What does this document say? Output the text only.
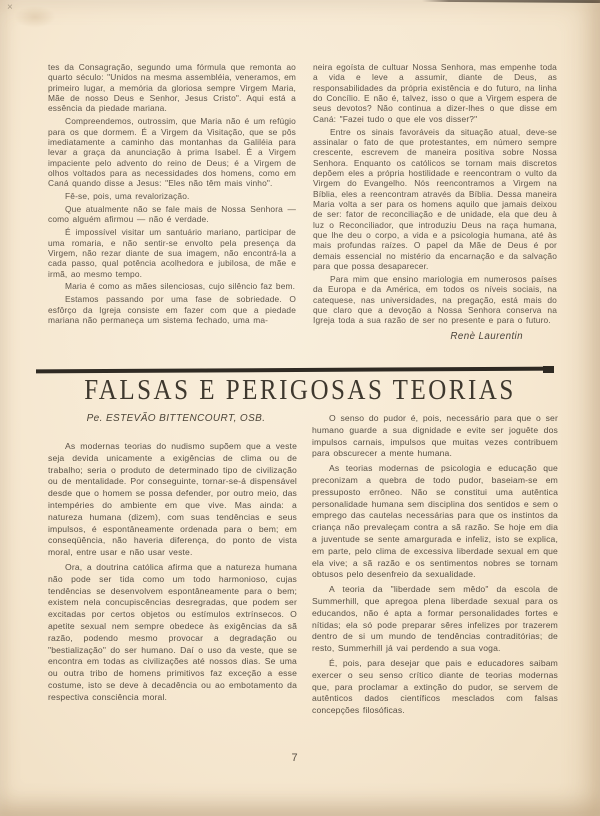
×

tes da Consagração, segundo uma fórmula que remonta ao quarto século: "Unidos na mesma assembléia, veneramos, em primeiro lugar, a memória da gloriosa sempre Virgem Maria, Mãe de nosso Deus e Senhor, Jesus Cristo". Aqui está a essência da piedade mariana.

Compreendemos, outrossim, que Maria não é um refúgio para os que dormem. É a Virgem da Visitação, que se pôs imediatamente a caminho das montanhas da Galiléia para levar a graça da anunciação à prima Isabel. É a Virgem impaciente pelo advento do reino de Deus; é a Virgem de olhos voltados para as necessidades dos homens, como em Caná quando disse a Jesus: "Eles não têm mais vinho".

Fê-se, pois, uma revalorização.

Que atualmente não se fale mais de Nossa Senhora — como alguém afirmou — não é verdade.

É impossível visitar um santuário mariano, participar de uma romaria, e não sentir-se envolto pela presença da Virgem, não rezar diante de sua imagem, não encontrá-la a cada passo, qual potência acolhedora e jubilosa, de mãe e irmã, ao mesmo tempo.

Maria é como as mães silenciosas, cujo silêncio faz bem.

Estamos passando por uma fase de sobriedade. O esfôrço da Igreja consiste em fazer com que a piedade mariana não permaneça um sistema fechado, uma ma-

neira egoísta de cultuar Nossa Senhora, mas empenhe toda a vida e leve a assumir, diante de Deus, as responsabilidades da própria existência e do futuro, na linha do Concílio. E não é, talvez, isso o que a Virgem espera de seus devotos? Não continua a dizer-lhes o que disse em Caná: "Fazei tudo o que ele vos disser?"

Entre os sinais favoráveis da situação atual, deve-se assinalar o fato de que protestantes, em número sempre crescente, escrevem de maneira positiva sobre Nossa Senhora. Enquanto os católicos se tornam mais discretos depõem eles a própria hostilidade e reencontram o vulto da Virgem do Evangelho. Nós reencontramos a Virgem na Bíblia, eles a reencontram através da Bíblia. Dessa maneira Maria volta a ser para os homens aquilo que jamais deixou de ser: fator de reconciliação e de unidade, ela que deu à luz o Reconciliador, que introduziu Deus na raça humana, que lhe deu o corpo, a vida e a psicologia humana, até às mais profundas raízes. O papel da Mãe de Deus é por demais essencial no mistério da encarnação e da salvação para que possa desaparecer.

Para mim que ensino mariologia em numerosos países da Europa e da América, em todos os níveis sociais, na catequese, nas universidades, na pregação, está mais do que claro que a devoção a Nossa Senhora conserva na Igreja toda a sua razão de ser no presente e para o futuro.

Renè Laurentin
FALSAS E PERIGOSAS TEORIAS
Pe. ESTEVÃO BITTENCOURT, OSB.

As modernas teorias do nudismo supõem que a veste seja devida unicamente a exigências de clima ou de trabalho; seria o produto de determinado tipo de civilização ou de mentalidade. Por conseguinte, tornar-se-á dispensável desde que o homem se possa defender, por outro meio, das intempéries do ambiente em que vive. Mas ainda: a natureza humana (dizem), com suas tendências e seus impulsos, é espontâneamente ordenada para o bem; em conseqüência, não haveria diferença, do ponto de vista moral, entre usar e não usar veste.

Ora, a doutrina católica afirma que a natureza humana não pode ser tida como um todo harmonioso, cujas tendências se desenvolvem espontâneamente para o bem; existem nela concupiscências desregradas, que podem ser excitadas por certos objetos ou estímulos extrínsecos. O apetite sexual nem sempre obedece às exigências da sã razão, podendo mesmo provocar a degradação ou "bestialização" do ser humano. Daí o uso da veste, que se encontra em todas as civilizações até nossos dias. Se uma ou outra tribo de homens primitivos faz exceção a esse costume, isto se deve à decadência ou ao embotamento da respectiva consciência moral.

O senso do pudor é, pois, necessário para que o ser humano guarde a sua dignidade e evite ser joguête dos impulsos carnais, impulsos que muitas vezes contribuem para obscurecer a mente humana.

As teorias modernas de psicologia e educação que preconizam a quebra de todo pudor, baseiam-se em pressuposto errôneo. Não se constitui uma autêntica personalidade humana sem disciplina dos sentidos e sem o emprego das cautelas necessárias para que os instintos da criança não prevaleçam contra a sã razão. Se hoje em dia a juventude se sente amargurada e infeliz, isto se explica, em parte, pelo clima de excessiva liberdade sexual em que ela vive; a sã razão e os sentimentos nobres se tornam obtusos pelo desenfreio da sexualidade.

A teoria da "liberdade sem mêdo" da escola de Summerhill, que apregoa plena liberdade sexual para os educandos, não é apta a formar personalidades fortes e nítidas; ela só pode preparar sêres infelizes por trazerem dentro de si um mundo de tendências contraditórias; de resto, Summerhill já vai perdendo a sua voga.

É, pois, para desejar que pais e educadores saibam exercer o seu senso crítico diante de teorias modernas que, para proclamar a extinção do pudor, se servem de autênticos dados científicos mesclados com falsas concepções filosóficas.

7
